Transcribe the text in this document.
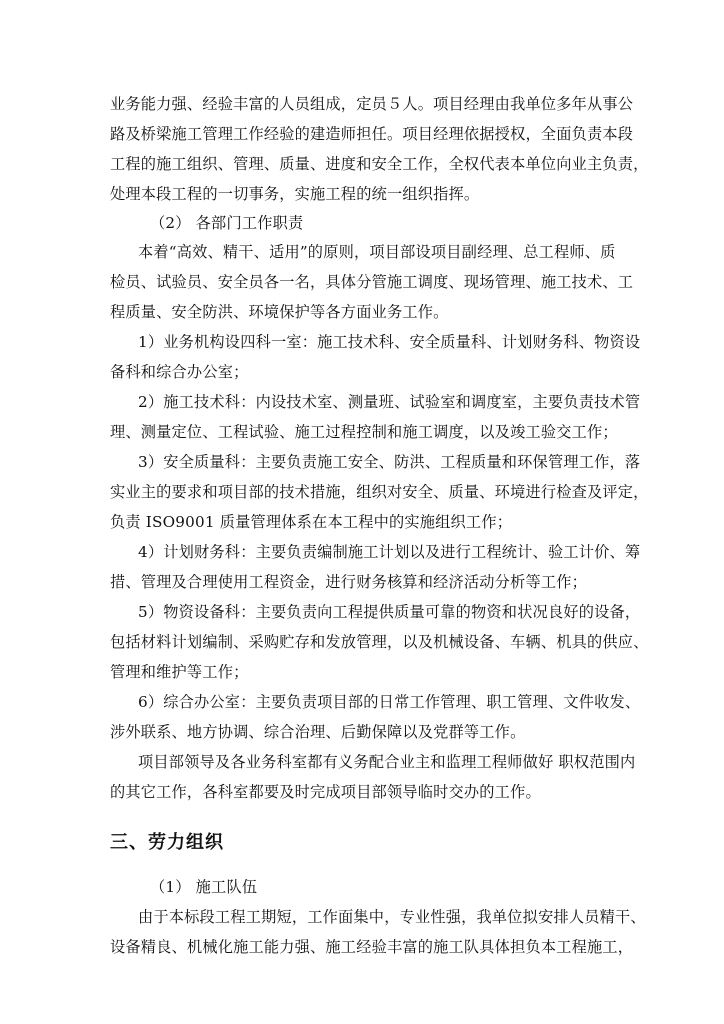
业务能力强、经验丰富的人员组成，定员５人。项目经理由我单位多年从事公
路及桥梁施工管理工作经验的建造师担任。项目经理依据授权，全面负责本段
工程的施工组织、管理、质量、进度和安全工作，全权代表本单位向业主负责，
处理本段工程的一切事务，实施工程的统一组织指挥。
（2） 各部门工作职责
本着“高效、精干、适用”的原则，项目部设项目副经理、总工程师、质
检员、试验员、安全员各一名，具体分管施工调度、现场管理、施工技术、工
程质量、安全防洪、环境保护等各方面业务工作。
1）业务机构设四科一室：施工技术科、安全质量科、计划财务科、物资设
备科和综合办公室；
2）施工技术科：内设技术室、测量班、试验室和调度室，主要负责技术管
理、测量定位、工程试验、施工过程控制和施工调度，以及竣工验交工作；
3）安全质量科：主要负责施工安全、防洪、工程质量和环保管理工作，落
实业主的要求和项目部的技术措施，组织对安全、质量、环境进行检查及评定，
负责 ISO9001 质量管理体系在本工程中的实施组织工作；
4）计划财务科：主要负责编制施工计划以及进行工程统计、验工计价、筹
措、管理及合理使用工程资金，进行财务核算和经济活动分析等工作；
5）物资设备科：主要负责向工程提供质量可靠的物资和状况良好的设备，
包括材料计划编制、采购贮存和发放管理，以及机械设备、车辆、机具的供应、
管理和维护等工作；
6）综合办公室：主要负责项目部的日常工作管理、职工管理、文件收发、
涉外联系、地方协调、综合治理、后勤保障以及党群等工作。
项目部领导及各业务科室都有义务配合业主和监理工程师做好 职权范围内
的其它工作，各科室都要及时完成项目部领导临时交办的工作。
三、劳力组织
（1） 施工队伍
由于本标段工程工期短，工作面集中，专业性强，我单位拟安排人员精干、
设备精良、机械化施工能力强、施工经验丰富的施工队具体担负本工程施工，
